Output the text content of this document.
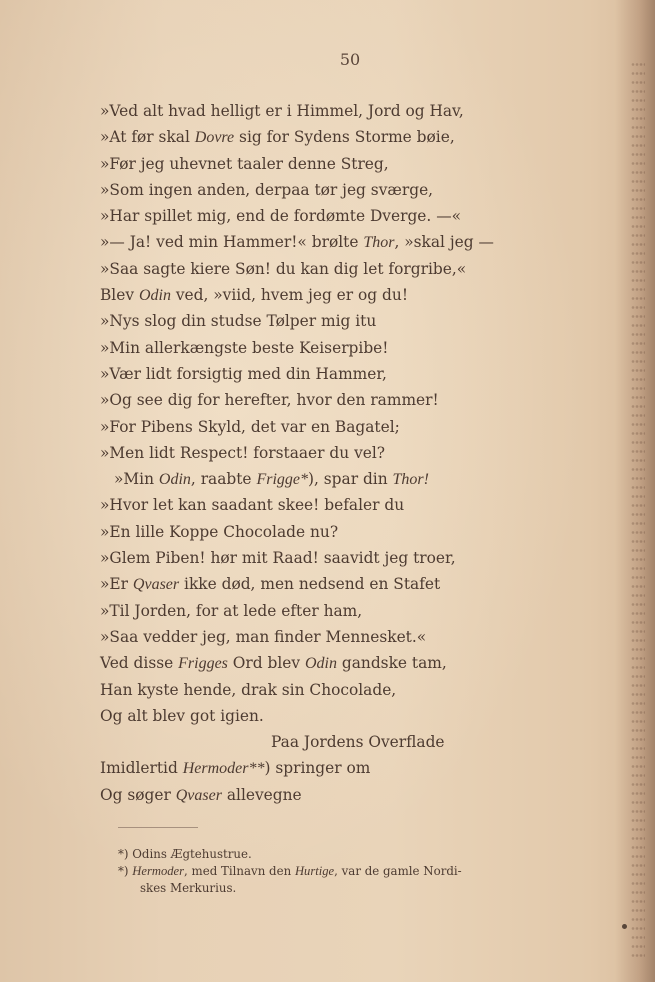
50
»Ved alt hvad helligt er i Himmel, Jord og Hav,
»At før skal Dovre sig for Sydens Storme bøie,
»Før jeg uhevnet taaler denne Streg,
»Som ingen anden, derpaa tør jeg sværge,
»Har spillet mig, end de fordømte Dverge. —«
»— Ja! ved min Hammer!« brølte Thor, »skal jeg —
»Saa sagte kiere Søn! du kan dig let forgribe,«
Blev Odin ved, »viid, hvem jeg er og du!
»Nys slog din studse Tølper mig itu
»Min allerkængste beste Keiserpibe!
»Vær lidt forsigtig med din Hammer,
»Og see dig for herefter, hvor den rammer!
»For Pibens Skyld, det var en Bagatel;
»Men lidt Respect! forstaaer du vel?
»Min Odin, raabte Frigge*), spar din Thor!
»Hvor let kan saadant skee! befaler du
»En lille Koppe Chocolade nu?
»Glem Piben! hør mit Raad! saavidt jeg troer,
»Er Qvaser ikke død, men nedsend en Stafet
»Til Jorden, for at lede efter ham,
»Saa vedder jeg, man finder Mennesket.«
Ved disse Frigges Ord blev Odin gandske tam,
Han kyste hende, drak sin Chocolade,
Og alt blev got igien.
Paa Jordens Overflade
Imidlertid Hermoder**) springer om
Og søger Qvaser allevegne
*) Odins Ægtehustrue.
*) Hermoder, med Tilnavn den Hurtige, var de gamle Nordi-
skes Merkurius.
